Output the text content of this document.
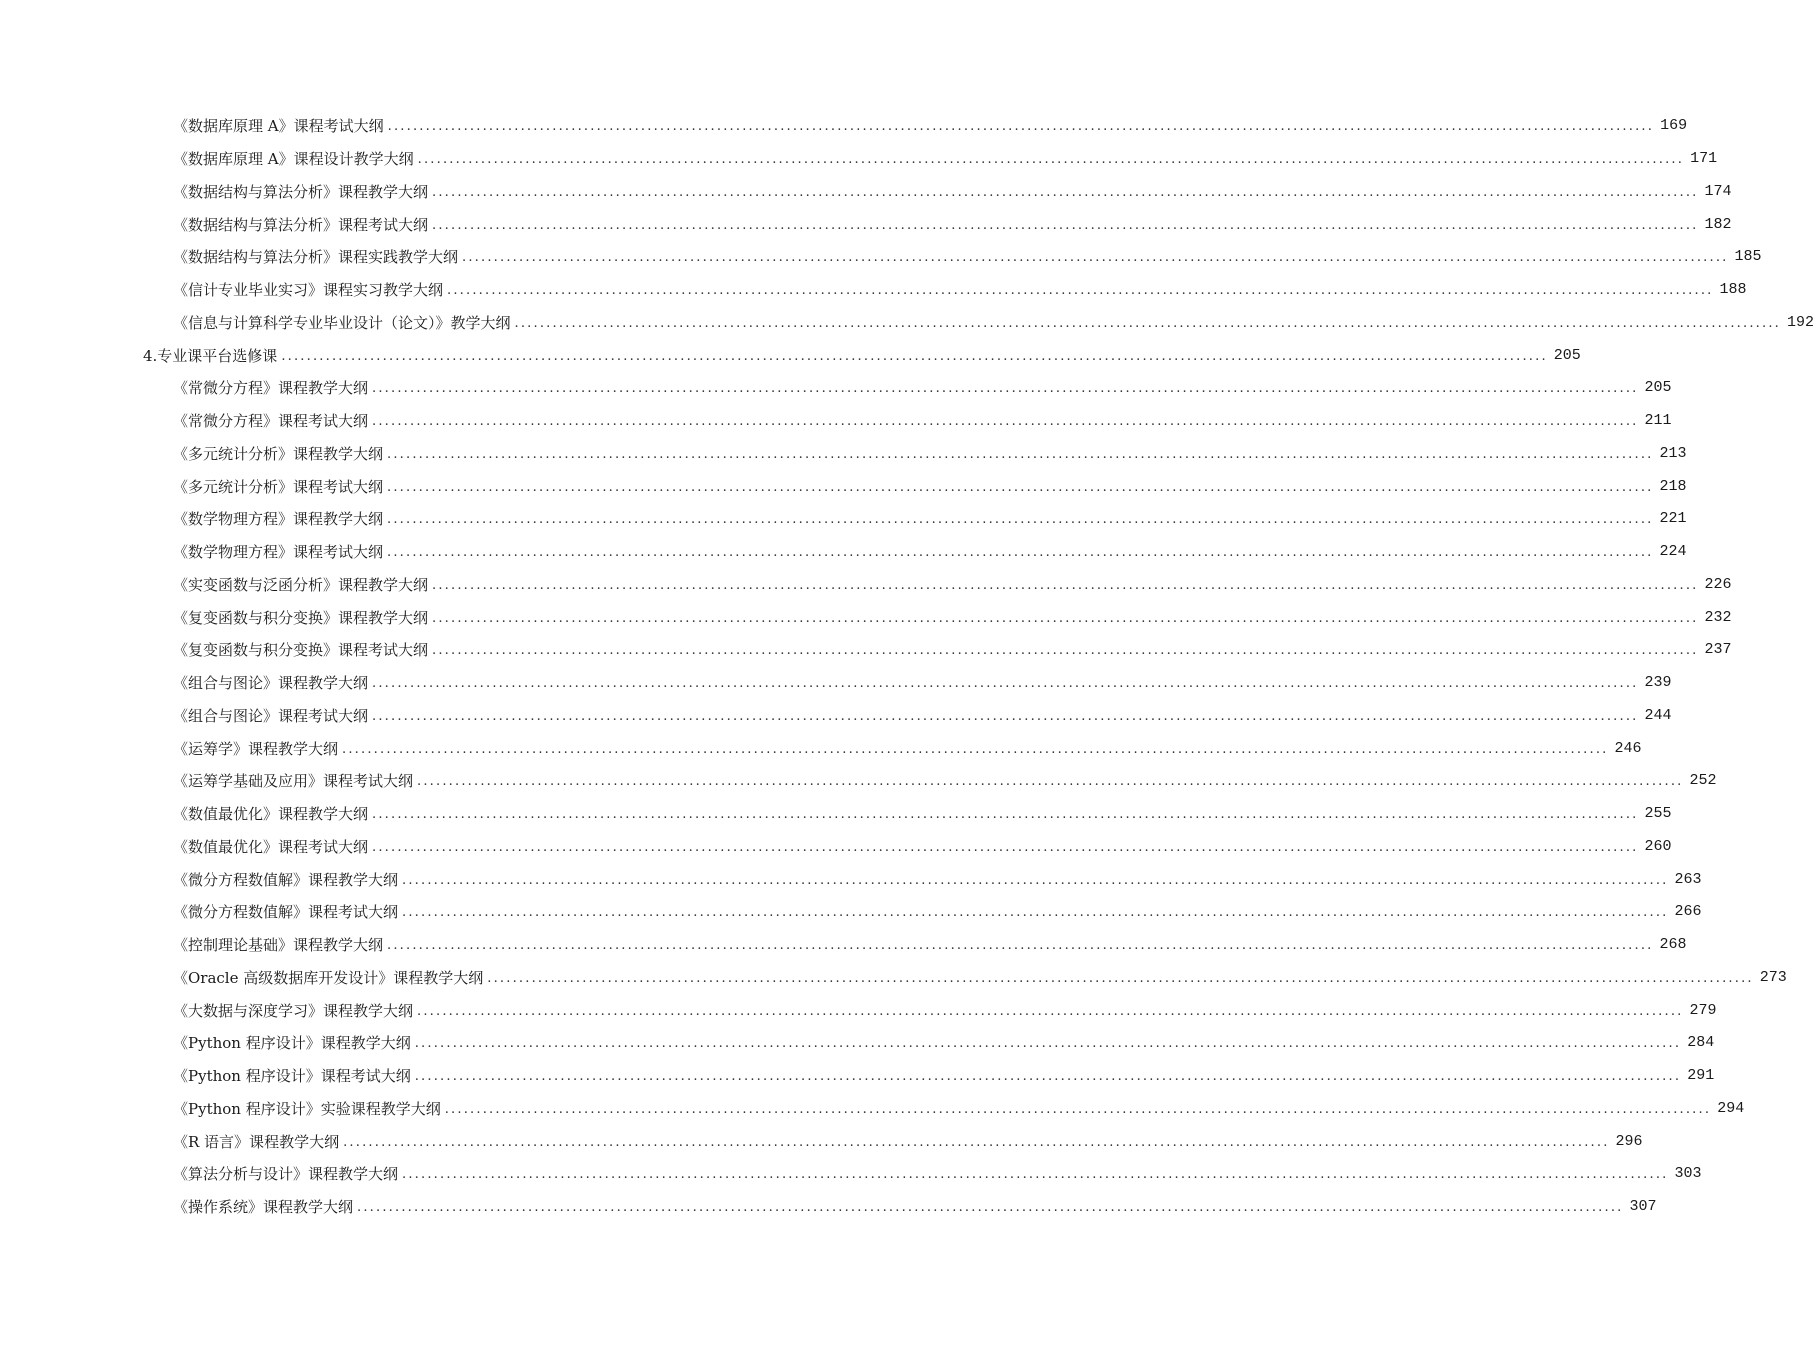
《数据库原理 A》课程考试大纲 ........................................................................................................................................................................................................ 169
《数据库原理 A》课程设计教学大纲 ........................................................................................................................................................................................................ 171
《数据结构与算法分析》课程教学大纲 ........................................................................................................................................................................................................ 174
《数据结构与算法分析》课程考试大纲 ........................................................................................................................................................................................................ 182
《数据结构与算法分析》课程实践教学大纲 ........................................................................................................................................................................................................ 185
《信计专业毕业实习》课程实习教学大纲 ........................................................................................................................................................................................................ 188
《信息与计算科学专业毕业设计（论文）》教学大纲 ........................................................................................................................................................................................................ 192
4.专业课平台选修课 ........................................................................................................................................................................................................ 205
《常微分方程》课程教学大纲 ........................................................................................................................................................................................................ 205
《常微分方程》课程考试大纲 ........................................................................................................................................................................................................ 211
《多元统计分析》课程教学大纲 ........................................................................................................................................................................................................ 213
《多元统计分析》课程考试大纲 ........................................................................................................................................................................................................ 218
《数学物理方程》课程教学大纲 ........................................................................................................................................................................................................ 221
《数学物理方程》课程考试大纲 ........................................................................................................................................................................................................ 224
《实变函数与泛函分析》课程教学大纲 ........................................................................................................................................................................................................ 226
《复变函数与积分变换》课程教学大纲 ........................................................................................................................................................................................................ 232
《复变函数与积分变换》课程考试大纲 ........................................................................................................................................................................................................ 237
《组合与图论》课程教学大纲 ........................................................................................................................................................................................................ 239
《组合与图论》课程考试大纲 ........................................................................................................................................................................................................ 244
《运筹学》课程教学大纲 ........................................................................................................................................................................................................ 246
《运筹学基础及应用》课程考试大纲 ........................................................................................................................................................................................................ 252
《数值最优化》课程教学大纲 ........................................................................................................................................................................................................ 255
《数值最优化》课程考试大纲 ........................................................................................................................................................................................................ 260
《微分方程数值解》课程教学大纲 ........................................................................................................................................................................................................ 263
《微分方程数值解》课程考试大纲 ........................................................................................................................................................................................................ 266
《控制理论基础》课程教学大纲 ........................................................................................................................................................................................................ 268
《Oracle 高级数据库开发设计》课程教学大纲 ........................................................................................................................................................................................................ 273
《大数据与深度学习》课程教学大纲 ........................................................................................................................................................................................................ 279
《Python 程序设计》课程教学大纲 ........................................................................................................................................................................................................ 284
《Python 程序设计》课程考试大纲 ........................................................................................................................................................................................................ 291
《Python 程序设计》实验课程教学大纲 ........................................................................................................................................................................................................ 294
《R 语言》课程教学大纲 ........................................................................................................................................................................................................ 296
《算法分析与设计》课程教学大纲 ........................................................................................................................................................................................................ 303
《操作系统》课程教学大纲 ........................................................................................................................................................................................................ 307
